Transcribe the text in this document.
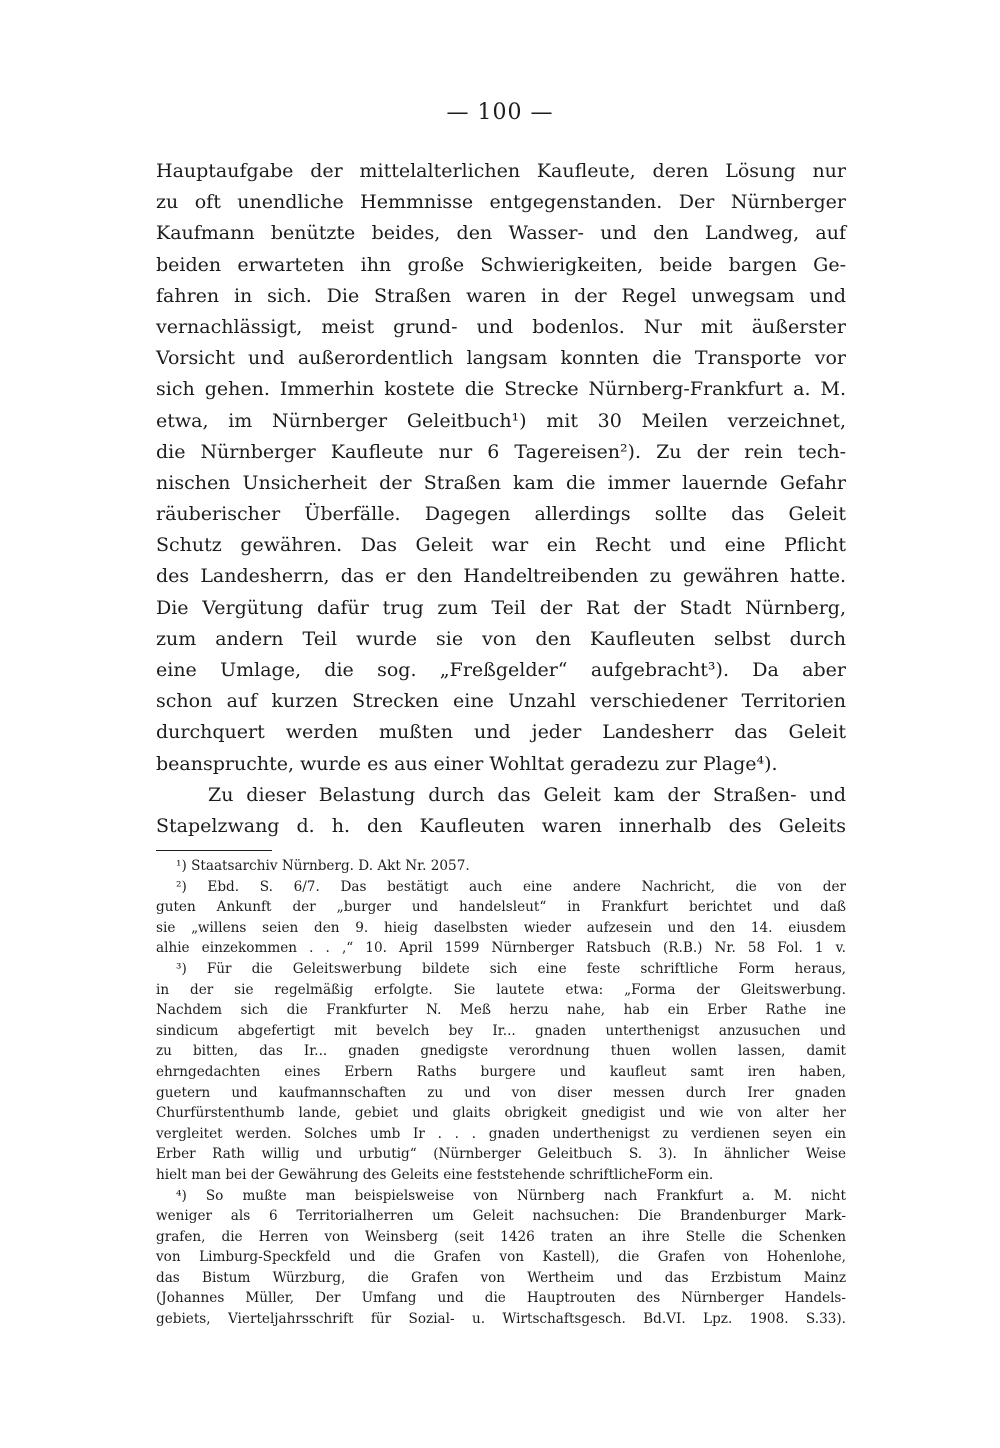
— 100 —
Hauptaufgabe der mittelalterlichen Kaufleute, deren Lösung nur
zu oft unendliche Hemmnisse entgegenstanden. Der Nürnberger
Kaufmann benützte beides, den Wasser- und den Landweg, auf
beiden erwarteten ihn große Schwierigkeiten, beide bargen Ge-
fahren in sich. Die Straßen waren in der Regel unwegsam und
vernachlässigt, meist grund- und bodenlos. Nur mit äußerster
Vorsicht und außerordentlich langsam konnten die Transporte vor
sich gehen. Immerhin kostete die Strecke Nürnberg-Frankfurt a. M.
etwa, im Nürnberger Geleitbuch¹) mit 30 Meilen verzeichnet,
die Nürnberger Kaufleute nur 6 Tagereisen²). Zu der rein tech-
nischen Unsicherheit der Straßen kam die immer lauernde Gefahr
räuberischer Überfälle. Dagegen allerdings sollte das Geleit
Schutz gewähren. Das Geleit war ein Recht und eine Pflicht
des Landesherrn, das er den Handeltreibenden zu gewähren hatte.
Die Vergütung dafür trug zum Teil der Rat der Stadt Nürnberg,
zum andern Teil wurde sie von den Kaufleuten selbst durch
eine Umlage, die sog. „Freßgelder“ aufgebracht³). Da aber
schon auf kurzen Strecken eine Unzahl verschiedener Territorien
durchquert werden mußten und jeder Landesherr das Geleit
beanspruchte, wurde es aus einer Wohltat geradezu zur Plage⁴).
Zu dieser Belastung durch das Geleit kam der Straßen- und
Stapelzwang d. h. den Kaufleuten waren innerhalb des Geleits
¹) Staatsarchiv Nürnberg. D. Akt Nr. 2057.
²) Ebd. S. 6/7. Das bestätigt auch eine andere Nachricht, die von der
guten Ankunft der „burger und handelsleut“ in Frankfurt berichtet und daß
sie „willens seien den 9. hieig daselbsten wieder aufzesein und den 14. eiusdem
alhie einzekommen . . ,“ 10. April 1599 Nürnberger Ratsbuch (R.B.) Nr. 58 Fol. 1 v.
³) Für die Geleitswerbung bildete sich eine feste schriftliche Form heraus,
in der sie regelmäßig erfolgte. Sie lautete etwa: „Forma der Gleitswerbung.
Nachdem sich die Frankfurter N. Meß herzu nahe, hab ein Erber Rathe ine
sindicum abgefertigt mit bevelch bey Ir... gnaden unterthenigst anzusuchen und
zu bitten, das Ir... gnaden gnedigste verordnung thuen wollen lassen, damit
ehrngedachten eines Erbern Raths burgere und kaufleut samt iren haben,
guetern und kaufmannschaften zu und von diser messen durch Irer gnaden
Churfürstenthumb lande, gebiet und glaits obrigkeit gnedigist und wie von alter her
vergleitet werden. Solches umb Ir . . . gnaden underthenigst zu verdienen seyen ein
Erber Rath willig und urbutig“ (Nürnberger Geleitbuch S. 3). In ähnlicher Weise
hielt man bei der Gewährung des Geleits eine feststehende schriftlicheForm ein.
⁴) So mußte man beispielsweise von Nürnberg nach Frankfurt a. M. nicht
weniger als 6 Territorialherren um Geleit nachsuchen: Die Brandenburger Mark-
grafen, die Herren von Weinsberg (seit 1426 traten an ihre Stelle die Schenken
von Limburg-Speckfeld und die Grafen von Kastell), die Grafen von Hohenlohe,
das Bistum Würzburg, die Grafen von Wertheim und das Erzbistum Mainz
(Johannes Müller, Der Umfang und die Hauptrouten des Nürnberger Handels-
gebiets, Vierteljahrsschrift für Sozial- u. Wirtschaftsgesch. Bd.VI. Lpz. 1908. S.33).
